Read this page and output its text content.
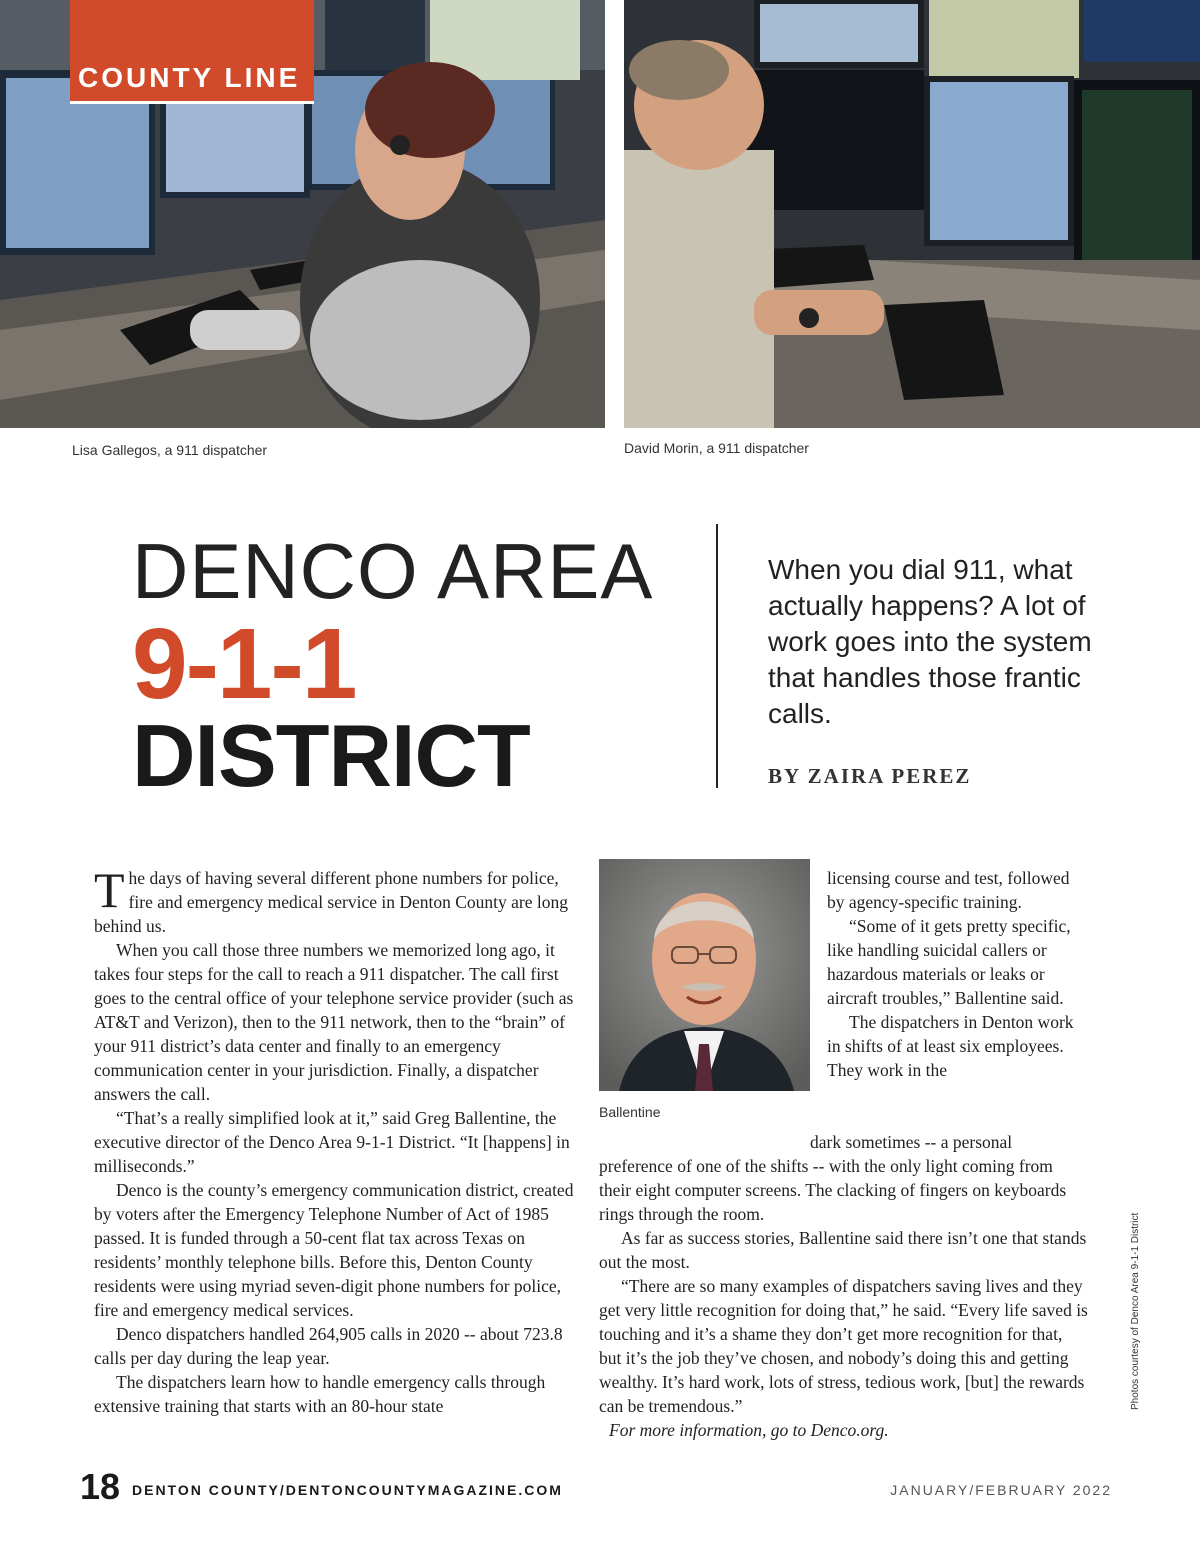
COUNTY LINE
Lisa Gallegos, a 911 dispatcher	David Morin, a 911 dispatcher
DENCO AREA
9-1-1
DISTRICT
When you dial 911, what actually happens? A lot of work goes into the system that handles those frantic calls.
BY ZAIRA PEREZ

The days of having several different phone numbers for police, fire and emergency medical service in Denton County are long behind us.

When you call those three numbers we memorized long ago, it takes four steps for the call to reach a 911 dispatcher. The call first goes to the central office of your telephone service provider (such as AT&T and Verizon), then to the 911 network, then to the “brain” of your 911 district’s data center and finally to an emergency communication center in your jurisdiction. Finally, a dispatcher answers the call.

“That’s a really simplified look at it,” said Greg Ballentine, the executive director of the Denco Area 9-1-1 District. “It [happens] in milliseconds.”

Denco is the county’s emergency communication district, created by voters after the Emergency Telephone Number of Act of 1985 passed. It is funded through a 50-cent flat tax across Texas on residents’ monthly telephone bills. Before this, Denton County residents were using myriad seven-digit phone numbers for police, fire and emergency medical services.

Denco dispatchers handled 264,905 calls in 2020 -- about 723.8 calls per day during the leap year.

The dispatchers learn how to handle emergency calls through extensive training that starts with an 80-hour state

Ballentine

licensing course and test, followed by agency-specific training.

“Some of it gets pretty specific, like handling suicidal callers or hazardous materials or leaks or aircraft troubles,” Ballentine said.

The dispatchers in Denton work in shifts of at least six employees. They work in the

dark sometimes -- a personal

preference of one of the shifts -- with the only light coming from their eight computer screens. The clacking of fingers on keyboards rings through the room.

As far as success stories, Ballentine said there isn’t one that stands out the most.

“There are so many examples of dispatchers saving lives and they get very little recognition for doing that,” he said. “Every life saved is touching and it’s a shame they don’t get more recognition for that, but it’s the job they’ve chosen, and nobody’s doing this and getting wealthy. It’s hard work, lots of stress, tedious work, [but] the rewards can be tremendous.”

For more information, go to Denco.org.

Photos courtesy of Denco Area 9-1-1 District
18 DENTON COUNTY/DENTONCOUNTYMAGAZINE.COM	JANUARY/FEBRUARY 2022
